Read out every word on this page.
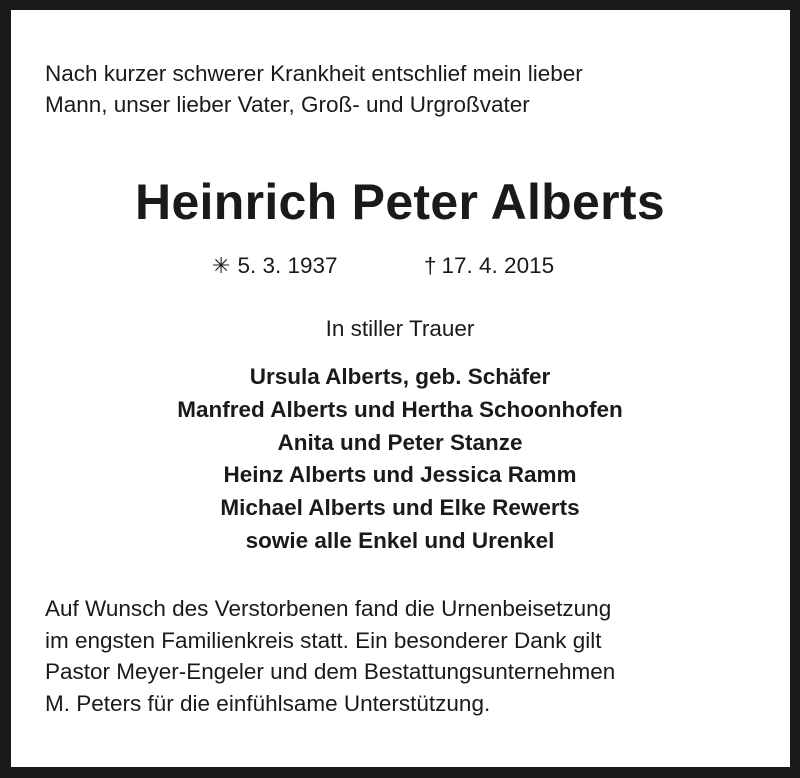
Nach kurzer schwerer Krankheit entschlief mein lieber
Mann, unser lieber Vater, Groß- und Urgroßvater
Heinrich Peter Alberts
✳ 5. 3. 1937	† 17. 4. 2015
In stiller Trauer
Ursula Alberts, geb. Schäfer
Manfred Alberts und Hertha Schoonhofen
Anita und Peter Stanze
Heinz Alberts und Jessica Ramm
Michael Alberts und Elke Rewerts
sowie alle Enkel und Urenkel
Auf Wunsch des Verstorbenen fand die Urnenbeisetzung
im engsten Familienkreis statt. Ein besonderer Dank gilt
Pastor Meyer-Engeler und dem Bestattungsunternehmen
M. Peters für die einfühlsame Unterstützung.
